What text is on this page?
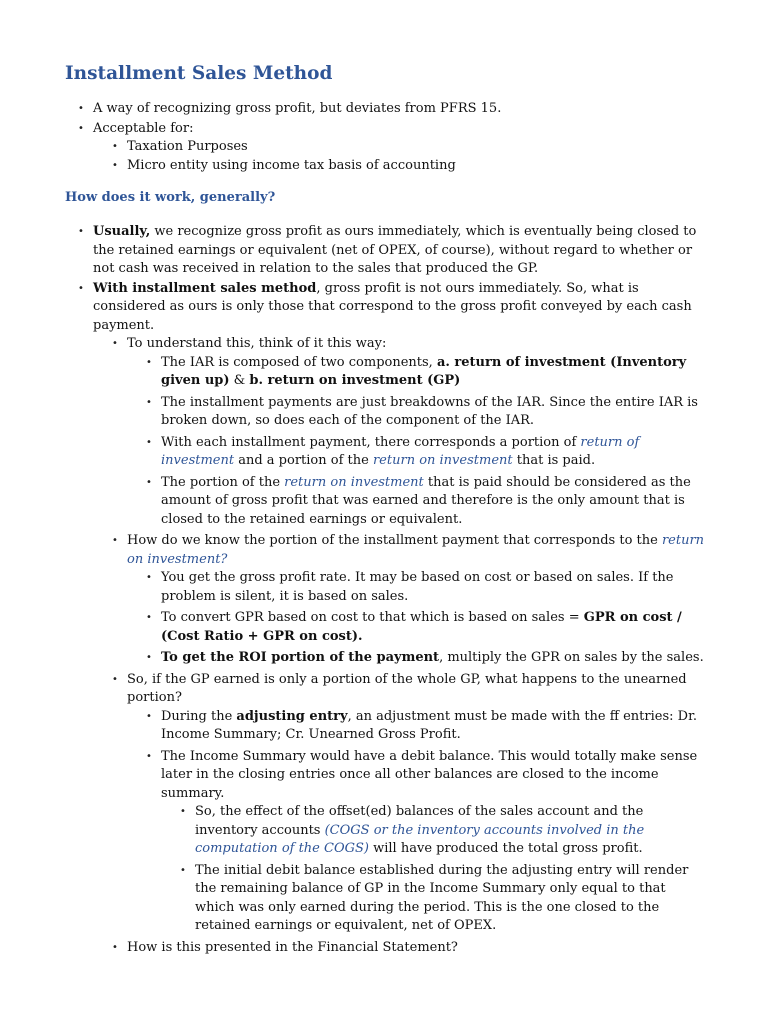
Installment Sales Method
• A way of recognizing gross profit, but deviates from PFRS 15.
• Acceptable for:
• Taxation Purposes
• Micro entity using income tax basis of accounting
How does it work, generally?
• Usually, we recognize gross profit as ours immediately, which is eventually being closed to the retained earnings or equivalent (net of OPEX, of course), without regard to whether or not cash was received in relation to the sales that produced the GP.
• With installment sales method, gross profit is not ours immediately. So, what is considered as ours is only those that correspond to the gross profit conveyed by each cash payment.
• To understand this, think of it this way:
• The IAR is composed of two components, a. return of investment (Inventory given up) & b. return on investment (GP)
• The installment payments are just breakdowns of the IAR. Since the entire IAR is broken down, so does each of the component of the IAR.
• With each installment payment, there corresponds a portion of return of investment and a portion of the return on investment that is paid.
• The portion of the return on investment that is paid should be considered as the amount of gross profit that was earned and therefore is the only amount that is closed to the retained earnings or equivalent.
• How do we know the portion of the installment payment that corresponds to the return on investment?
• You get the gross profit rate. It may be based on cost or based on sales. If the problem is silent, it is based on sales.
• To convert GPR based on cost to that which is based on sales = GPR on cost / (Cost Ratio + GPR on cost).
• To get the ROI portion of the payment, multiply the GPR on sales by the sales.
• So, if the GP earned is only a portion of the whole GP, what happens to the unearned portion?
• During the adjusting entry, an adjustment must be made with the ff entries: Dr. Income Summary; Cr. Unearned Gross Profit.
• The Income Summary would have a debit balance. This would totally make sense later in the closing entries once all other balances are closed to the income summary.
• So, the effect of the offset(ed) balances of the sales account and the inventory accounts (COGS or the inventory accounts involved in the computation of the COGS) will have produced the total gross profit.
• The initial debit balance established during the adjusting entry will render the remaining balance of GP in the Income Summary only equal to that which was only earned during the period. This is the one closed to the retained earnings or equivalent, net of OPEX.
• How is this presented in the Financial Statement?
